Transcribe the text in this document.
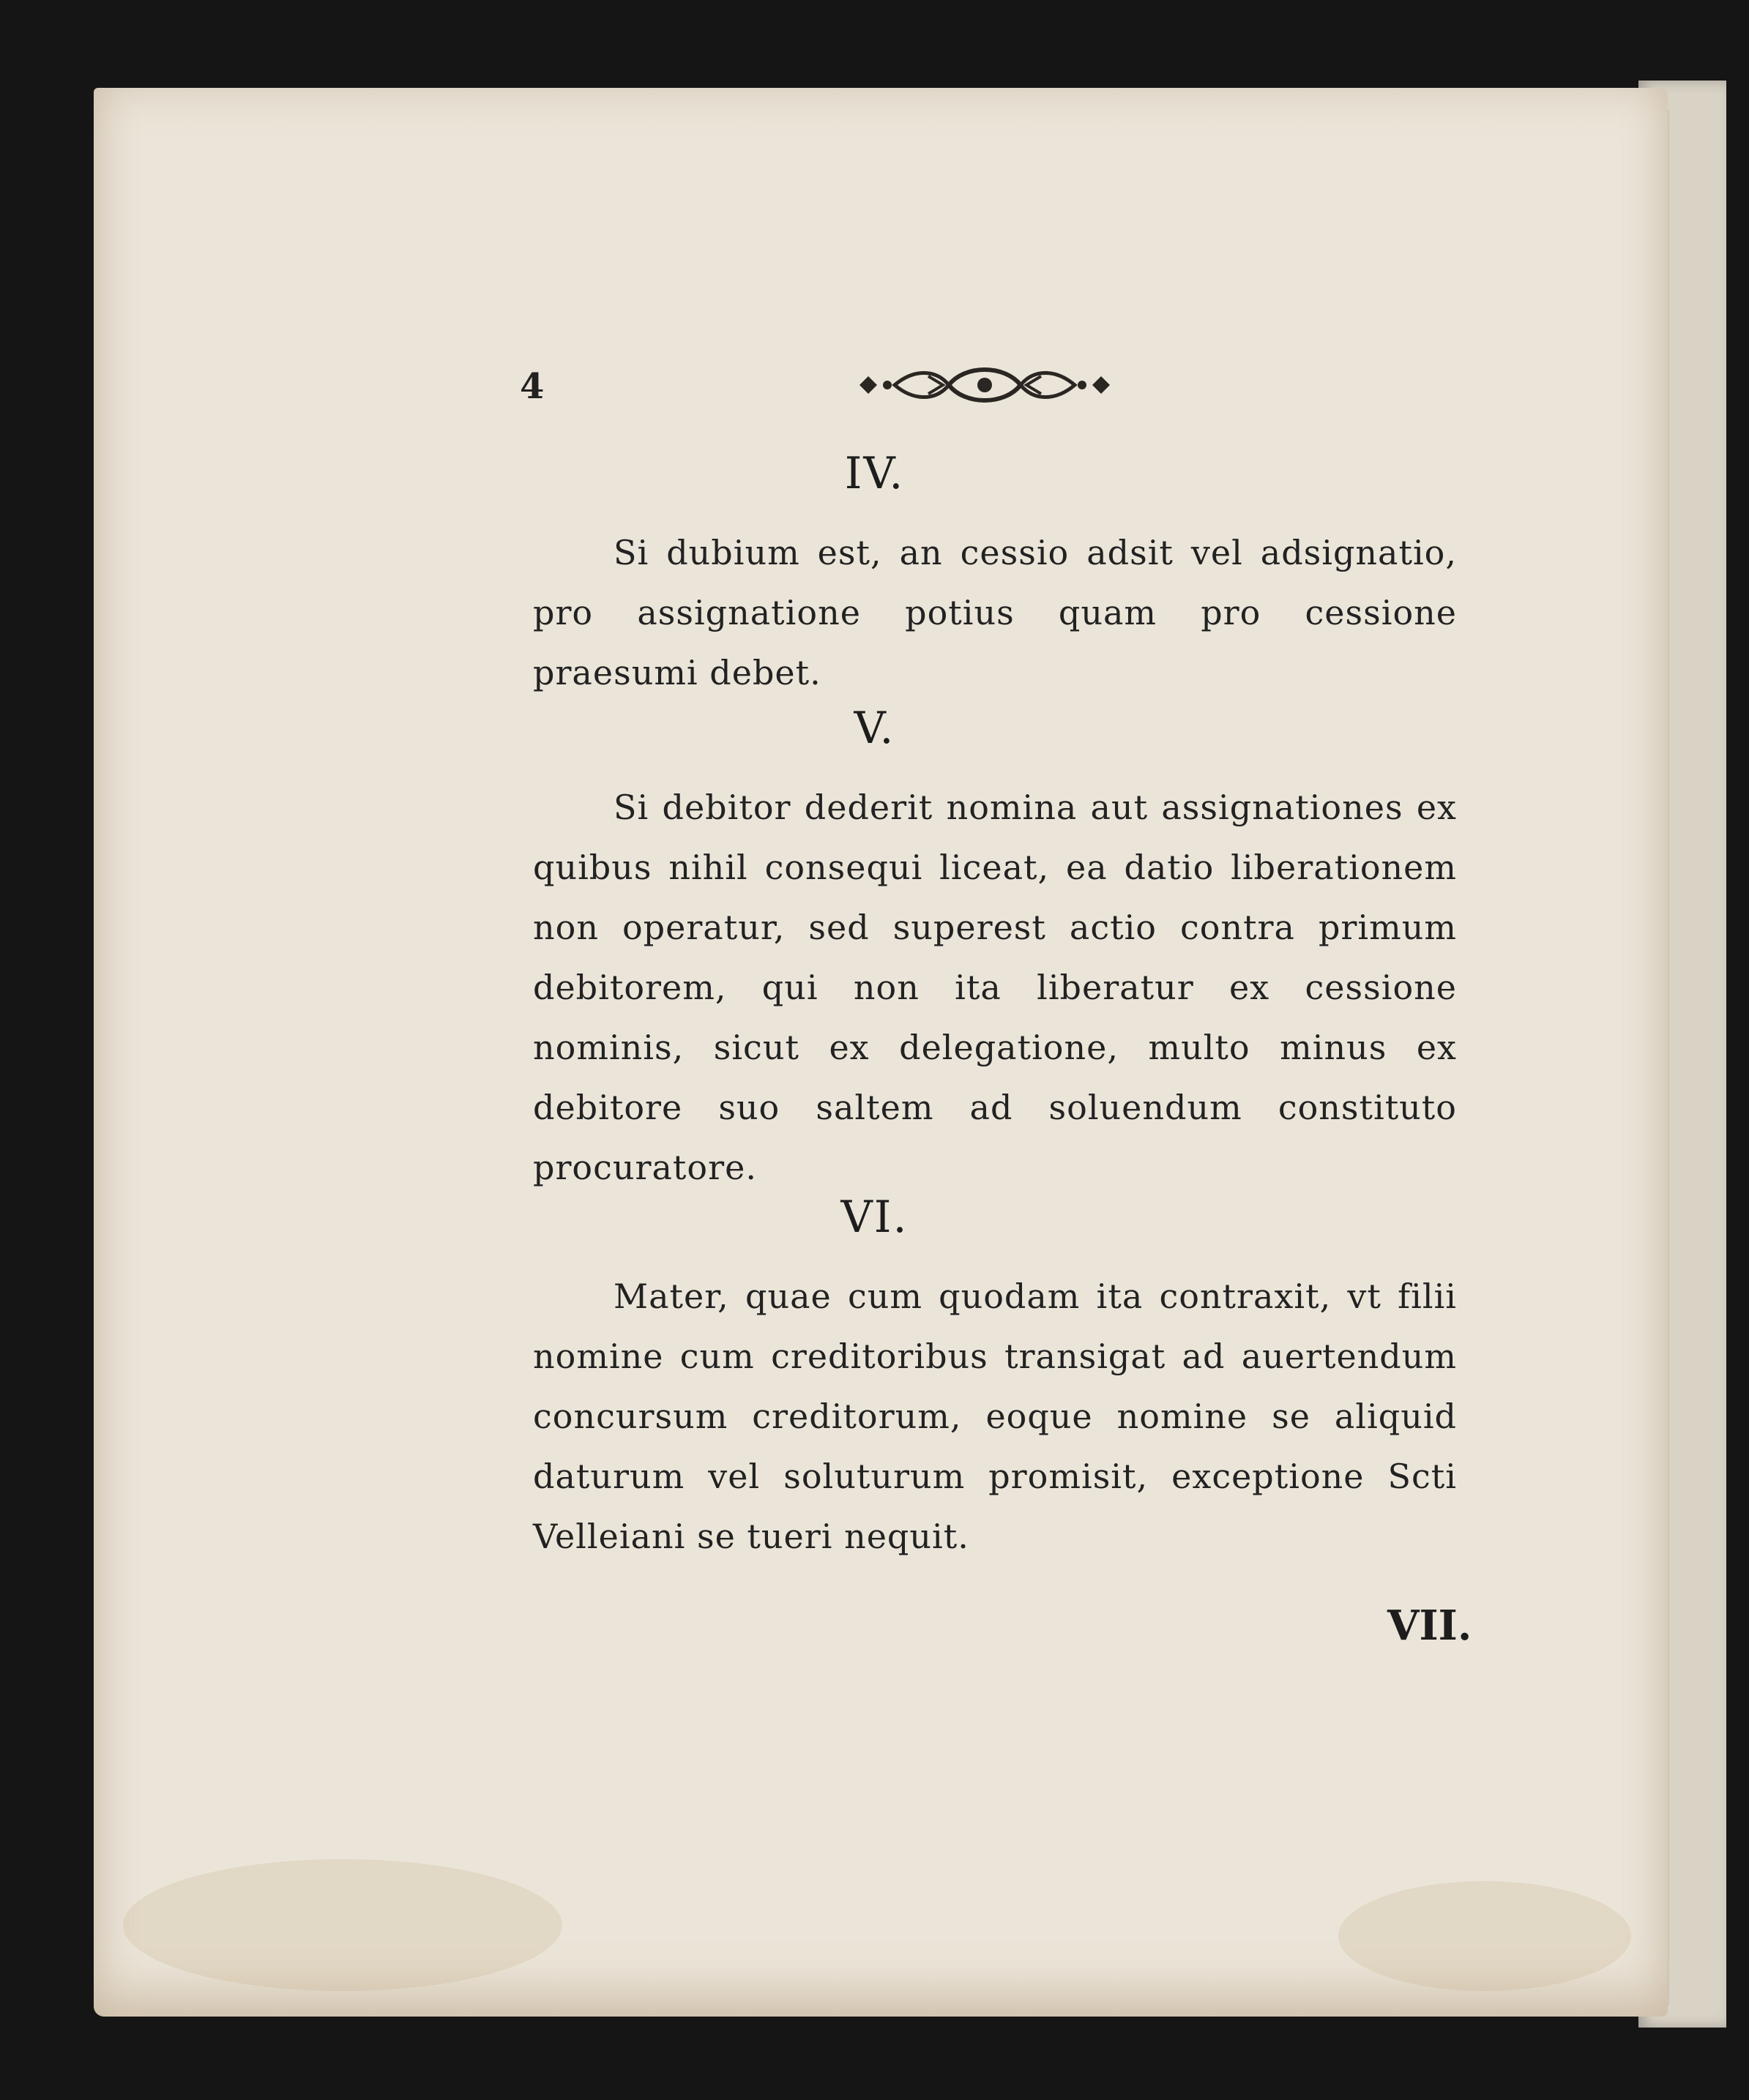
4
IV.

Si dubium est, an cessio adsit vel adsignatio, pro assignatione potius quam pro cessione praesumi debet.

V.

Si debitor dederit nomina aut assignationes ex quibus nihil consequi liceat, ea datio liberationem non operatur, sed superest actio contra primum debitorem, qui non ita liberatur ex cessione nominis, sicut ex delegatione, multo minus ex debitore suo saltem ad soluendum constituto procuratore.

VI.

Mater, quae cum quodam ita contraxit, vt filii nomine cum creditoribus transigat ad auertendum concursum creditorum, eoque nomine se aliquid daturum vel soluturum promisit, exceptione Scti Velleiani se tueri nequit.

VII.
